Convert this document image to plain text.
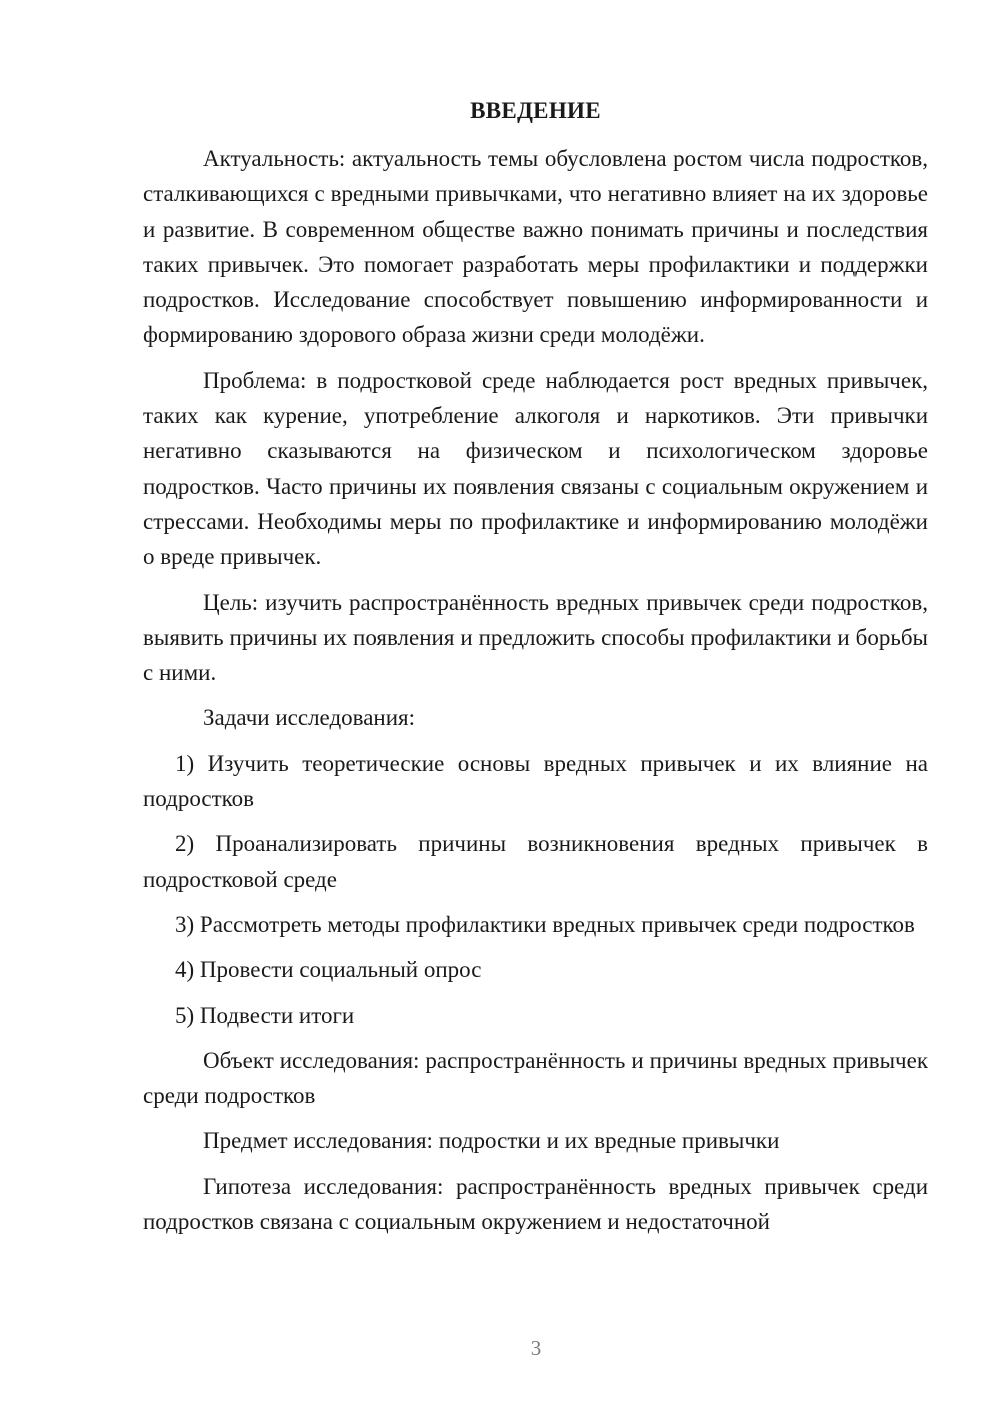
ВВЕДЕНИЕ

Актуальность: актуальность темы обусловлена ростом числа подростков, сталкивающихся с вредными привычками, что негативно влияет на их здоровье и развитие. В современном обществе важно понимать причины и последствия таких привычек. Это помогает разработать меры профилактики и поддержки подростков. Исследование способствует повышению информированности и формированию здорового образа жизни среди молодёжи.

Проблема: в подростковой среде наблюдается рост вредных привычек, таких как курение, употребление алкоголя и наркотиков. Эти привычки негативно сказываются на физическом и психологическом здоровье подростков. Часто причины их появления связаны с социальным окружением и стрессами. Необходимы меры по профилактике и информированию молодёжи о вреде привычек.

Цель: изучить распространённость вредных привычек среди подростков, выявить причины их появления и предложить способы профилактики и борьбы с ними.

Задачи исследования:

1) Изучить теоретические основы вредных привычек и их влияние на подростков

2) Проанализировать причины возникновения вредных привычек в подростковой среде

3) Рассмотреть методы профилактики вредных привычек среди подростков

4) Провести социальный опрос

5) Подвести итоги

Объект исследования: распространённость и причины вредных привычек среди подростков

Предмет исследования: подростки и их вредные привычки

Гипотеза исследования: распространённость вредных привычек среди подростков связана с социальным окружением и недостаточной

3
